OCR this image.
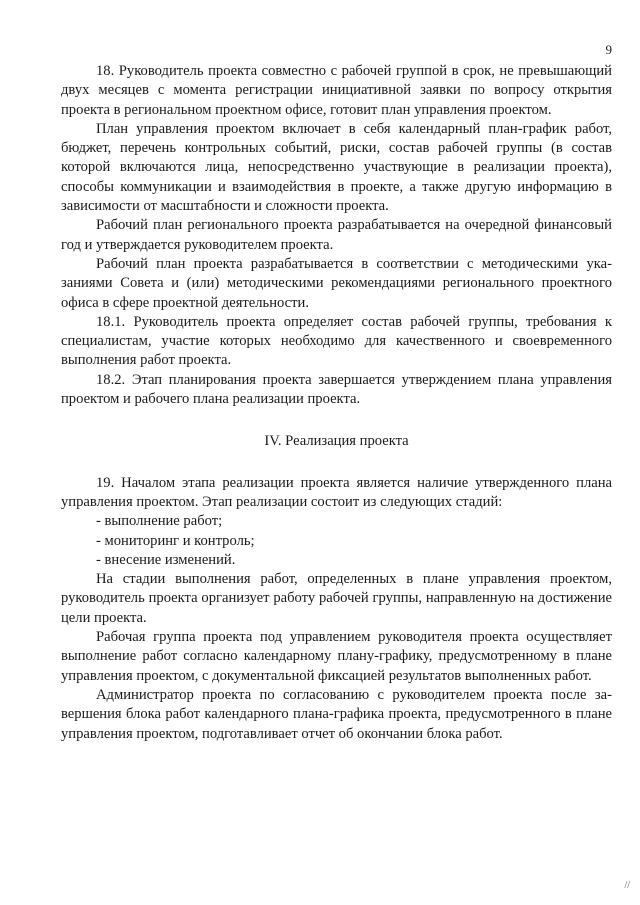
9

18. Руководитель проекта совместно с рабочей группой в срок, не превышающий двух месяцев с момента регистрации инициативной заявки по вопросу открытия проекта в региональном проектном офисе, готовит план управления проектом.

План управления проектом включает в себя календарный план-график работ, бюджет, перечень контрольных событий, риски, состав рабочей группы (в состав которой включаются лица, непосредственно участвующие в реализации проекта), способы коммуникации и взаимодействия в проекте, а также другую информацию в зависимости от масштабности и сложности проекта.

Рабочий план регионального проекта разрабатывается на очередной финансовый год и утверждается руководителем проекта.

Рабочий план проекта разрабатывается в соответствии с методическими указаниями Совета и (или) методическими рекомендациями регионального проектного офиса в сфере проектной деятельности.

18.1. Руководитель проекта определяет состав рабочей группы, требования к специалистам, участие которых необходимо для качественного и своевременного выполнения работ проекта.

18.2. Этап планирования проекта завершается утверждением плана управления проектом и рабочего плана реализации проекта.

IV. Реализация проекта

19. Началом этапа реализации проекта является наличие утвержденного плана управления проектом. Этап реализации состоит из следующих стадий:

- выполнение работ;

- мониторинг и контроль;

- внесение изменений.

На стадии выполнения работ, определенных в плане управления проектом, руководитель проекта организует работу рабочей группы, направленную на достижение цели проекта.

Рабочая группа проекта под управлением руководителя проекта осуществляет выполнение работ согласно календарному плану-графику, предусмотренному в плане управления проектом, с документальной фиксацией результатов выполненных работ.

Администратор проекта по согласованию с руководителем проекта после завершения блока работ календарного плана-графика проекта, предусмотренного в плане управления проектом, подготавливает отчет об окончании блока работ.

//
